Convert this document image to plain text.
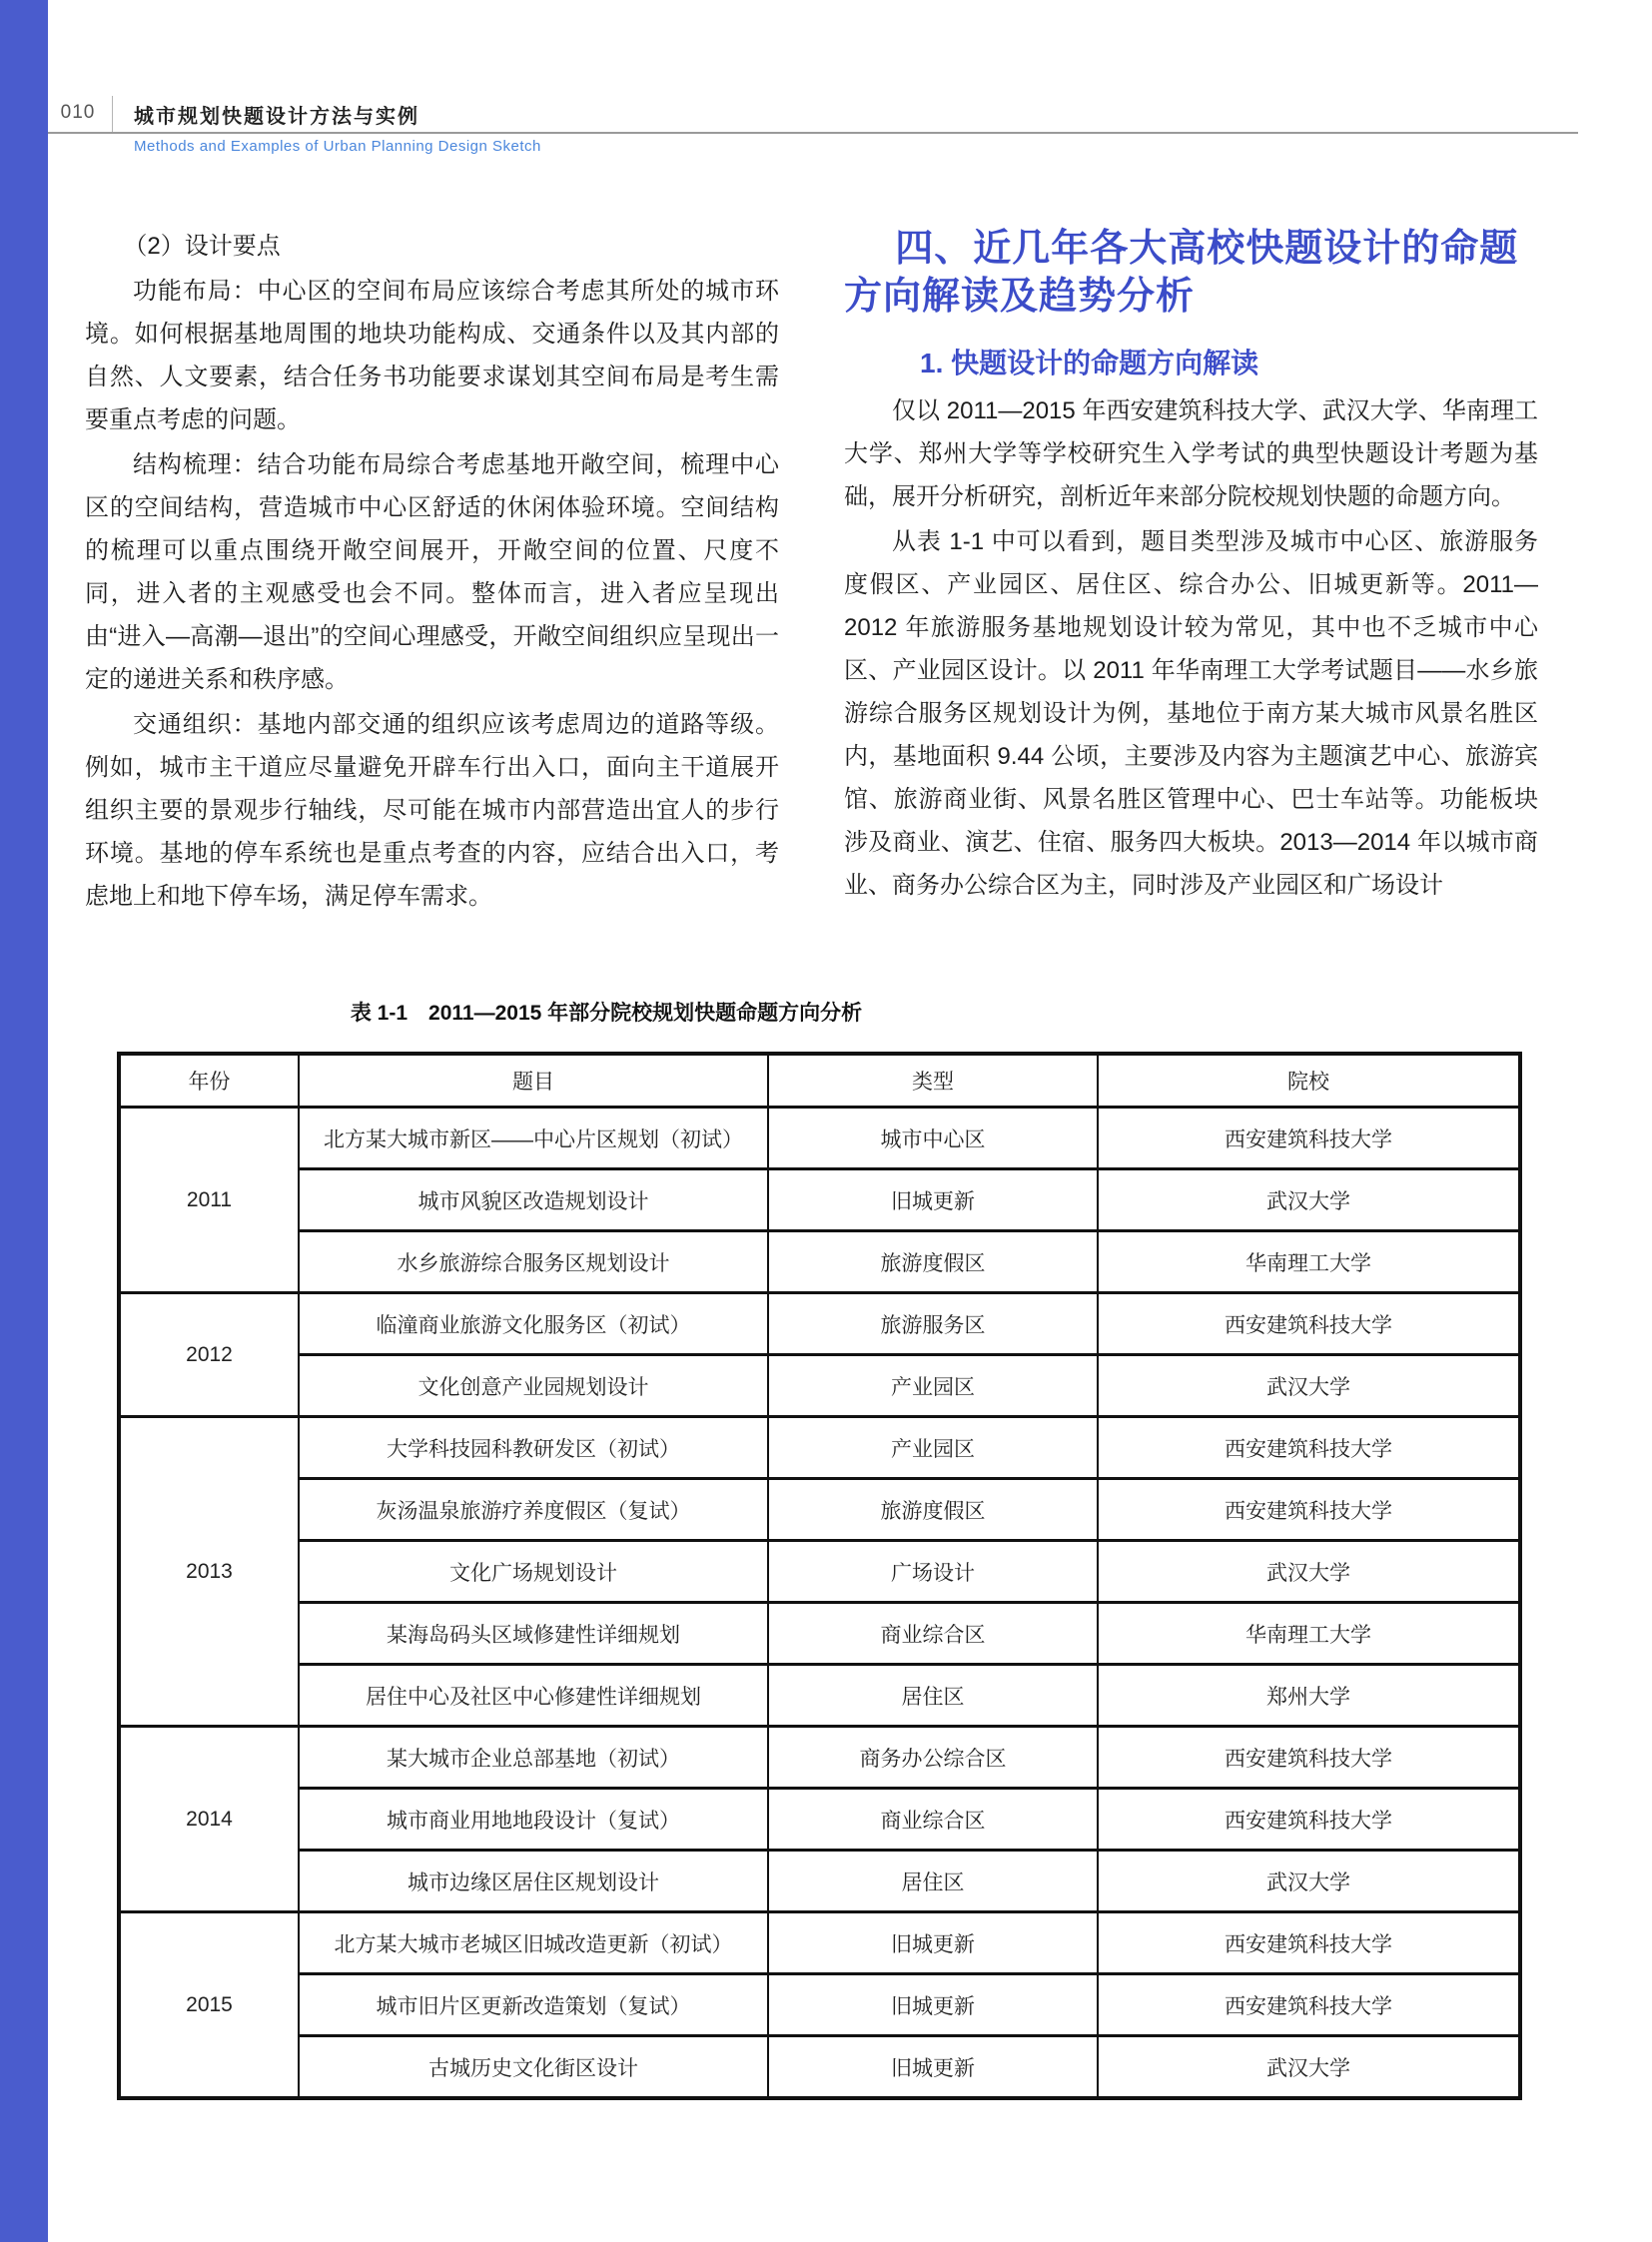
010 城市规划快题设计方法与实例
Methods and Examples of Urban Planning Design Sketch

（2）设计要点

功能布局：中心区的空间布局应该综合考虑其所处的城市环境。如何根据基地周围的地块功能构成、交通条件以及其内部的自然、人文要素，结合任务书功能要求谋划其空间布局是考生需要重点考虑的问题。

结构梳理：结合功能布局综合考虑基地开敞空间，梳理中心区的空间结构，营造城市中心区舒适的休闲体验环境。空间结构的梳理可以重点围绕开敞空间展开，开敞空间的位置、尺度不同，进入者的主观感受也会不同。整体而言，进入者应呈现出由“进入—高潮—退出”的空间心理感受，开敞空间组织应呈现出一定的递进关系和秩序感。

交通组织：基地内部交通的组织应该考虑周边的道路等级。例如，城市主干道应尽量避免开辟车行出入口，面向主干道展开组织主要的景观步行轴线，尽可能在城市内部营造出宜人的步行环境。基地的停车系统也是重点考查的内容，应结合出入口，考虑地上和地下停车场，满足停车需求。

四、近几年各大高校快题设计的命题方向解读及趋势分析
1. 快题设计的命题方向解读

仅以 2011—2015 年西安建筑科技大学、武汉大学、华南理工大学、郑州大学等学校研究生入学考试的典型快题设计考题为基础，展开分析研究，剖析近年来部分院校规划快题的命题方向。

从表 1-1 中可以看到，题目类型涉及城市中心区、旅游服务度假区、产业园区、居住区、综合办公、旧城更新等。2011—2012 年旅游服务基地规划设计较为常见，其中也不乏城市中心区、产业园区设计。以 2011 年华南理工大学考试题目——水乡旅游综合服务区规划设计为例，基地位于南方某大城市风景名胜区内，基地面积 9.44 公顷，主要涉及内容为主题演艺中心、旅游宾馆、旅游商业街、风景名胜区管理中心、巴士车站等。功能板块涉及商业、演艺、住宿、服务四大板块。2013—2014 年以城市商业、商务办公综合区为主，同时涉及产业园区和广场设计

表 1-1　2011—2015 年部分院校规划快题命题方向分析
年份	题目	类型	院校
2011	北方某大城市新区——中心片区规划（初试）	城市中心区	西安建筑科技大学
	城市风貌区改造规划设计	旧城更新	武汉大学
	水乡旅游综合服务区规划设计	旅游度假区	华南理工大学
2012	临潼商业旅游文化服务区（初试）	旅游服务区	西安建筑科技大学
	文化创意产业园规划设计	产业园区	武汉大学
2013	大学科技园科教研发区（初试）	产业园区	西安建筑科技大学
	灰汤温泉旅游疗养度假区（复试）	旅游度假区	西安建筑科技大学
	文化广场规划设计	广场设计	武汉大学
	某海岛码头区域修建性详细规划	商业综合区	华南理工大学
	居住中心及社区中心修建性详细规划	居住区	郑州大学
2014	某大城市企业总部基地（初试）	商务办公综合区	西安建筑科技大学
	城市商业用地地段设计（复试）	商业综合区	西安建筑科技大学
	城市边缘区居住区规划设计	居住区	武汉大学
2015	北方某大城市老城区旧城改造更新（初试）	旧城更新	西安建筑科技大学
	城市旧片区更新改造策划（复试）	旧城更新	西安建筑科技大学
	古城历史文化街区设计	旧城更新	武汉大学
